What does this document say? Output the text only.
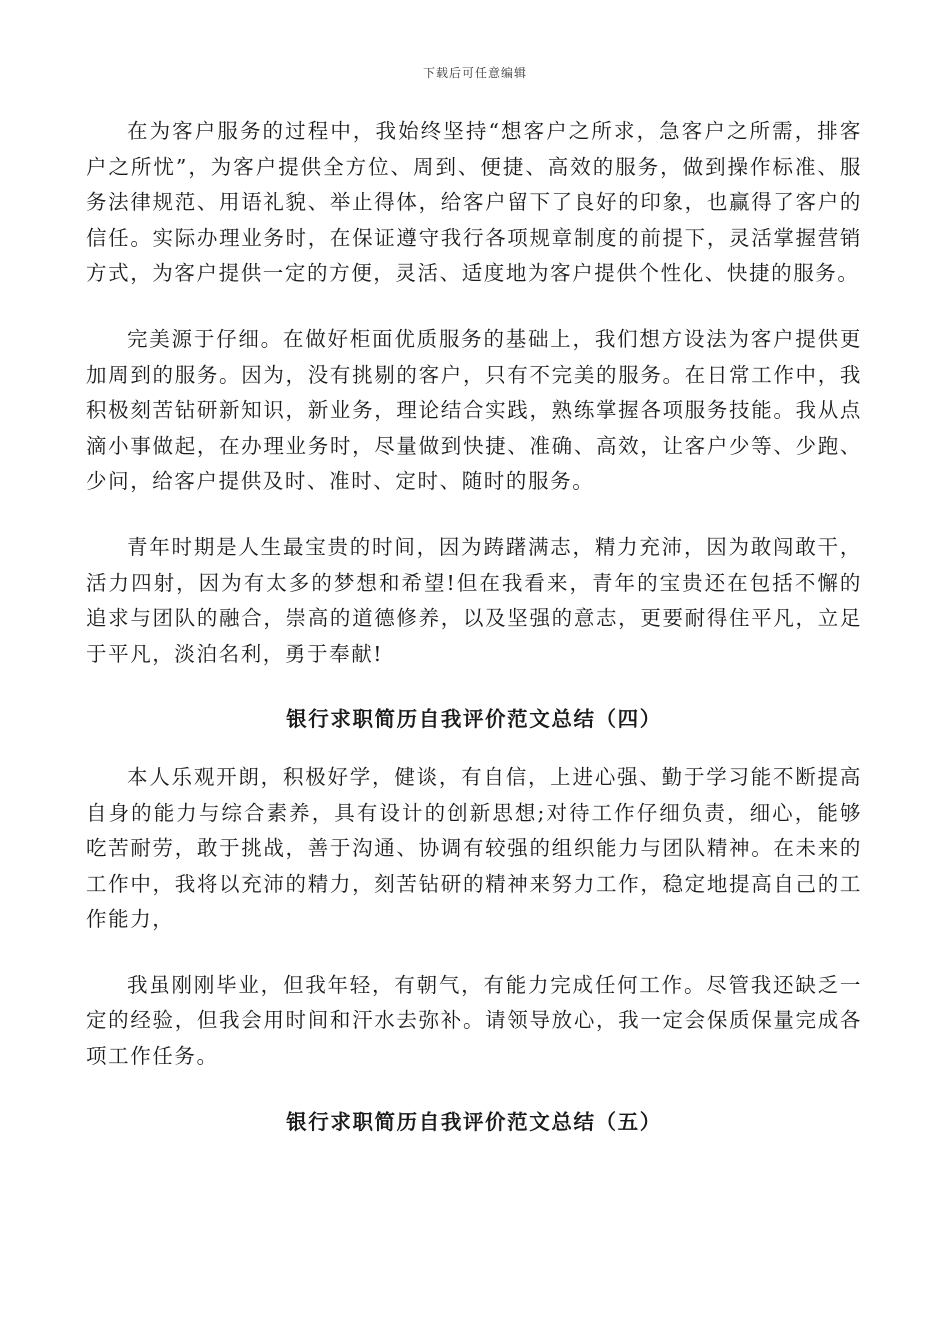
下载后可任意编辑

在为客户服务的过程中，我始终坚持“想客户之所求，急客户之所需，排客户之所忧”，为客户提供全方位、周到、便捷、高效的服务，做到操作标准、服务法律规范、用语礼貌、举止得体，给客户留下了良好的印象，也赢得了客户的信任。实际办理业务时，在保证遵守我行各项规章制度的前提下，灵活掌握营销方式，为客户提供一定的方便，灵活、适度地为客户提供个性化、快捷的服务。

完美源于仔细。在做好柜面优质服务的基础上，我们想方设法为客户提供更加周到的服务。因为，没有挑剔的客户，只有不完美的服务。在日常工作中，我积极刻苦钻研新知识，新业务，理论结合实践，熟练掌握各项服务技能。我从点滴小事做起，在办理业务时，尽量做到快捷、准确、高效，让客户少等、少跑、少问，给客户提供及时、准时、定时、随时的服务。

青年时期是人生最宝贵的时间，因为踌躇满志，精力充沛，因为敢闯敢干，活力四射，因为有太多的梦想和希望!但在我看来，青年的宝贵还在包括不懈的追求与团队的融合，崇高的道德修养，以及坚强的意志，更要耐得住平凡，立足于平凡，淡泊名利，勇于奉献!

银行求职简历自我评价范文总结（四）

本人乐观开朗，积极好学，健谈，有自信，上进心强、勤于学习能不断提高自身的能力与综合素养，具有设计的创新思想;对待工作仔细负责，细心，能够吃苦耐劳，敢于挑战，善于沟通、协调有较强的组织能力与团队精神。在未来的工作中，我将以充沛的精力，刻苦钻研的精神来努力工作，稳定地提高自己的工作能力，

我虽刚刚毕业，但我年轻，有朝气，有能力完成任何工作。尽管我还缺乏一定的经验，但我会用时间和汗水去弥补。请领导放心，我一定会保质保量完成各项工作任务。

银行求职简历自我评价范文总结（五）
